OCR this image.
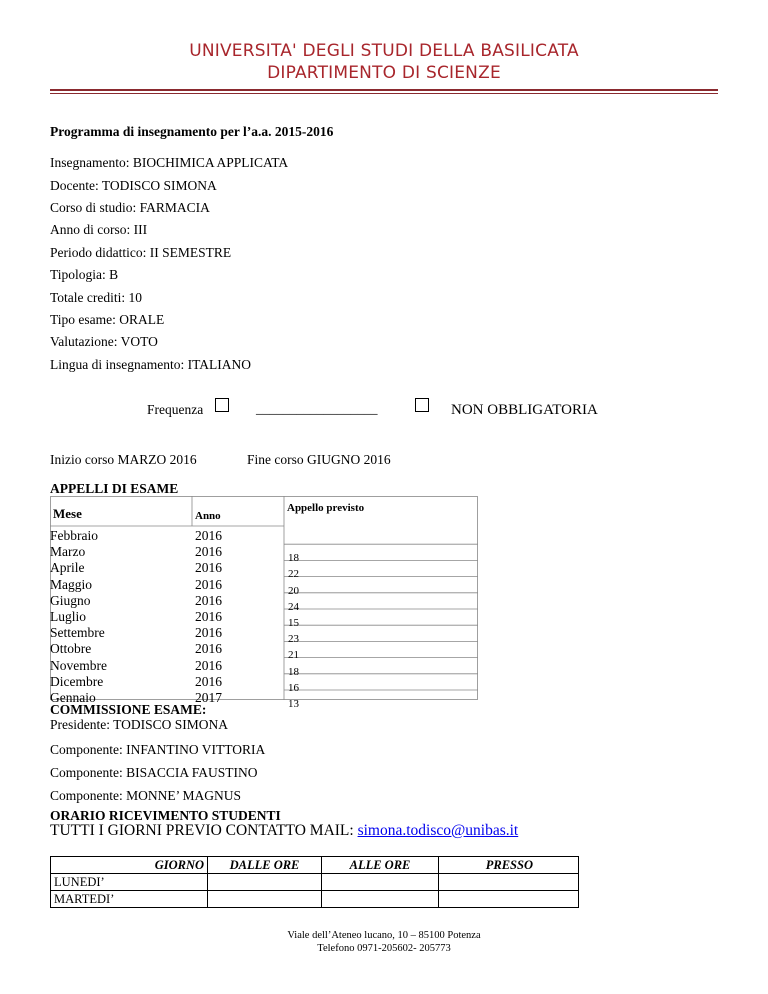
UNIVERSITA' DEGLI STUDI DELLA BASILICATA
DIPARTIMENTO DI SCIENZE
Programma di insegnamento per l’a.a. 2015-2016
Insegnamento: BIOCHIMICA APPLICATA
Docente: TODISCO SIMONA
Corso di studio: FARMACIA
Anno di corso: III
Periodo didattico: II SEMESTRE
Tipologia: B
Totale crediti: 10
Tipo esame: ORALE
Valutazione: VOTO
Lingua di insegnamento: ITALIANO
Frequenza	__________________	NON OBBLIGATORIA
Inizio corso MARZO 2016	Fine corso GIUGNO 2016
APPELLI DI ESAME
Mese	Anno
Appello previsto
Febbraio	2016
Marzo	2016	18
Aprile	2016	22
Maggio	2016	20
Giugno	2016	24
Luglio	2016	15
Settembre	2016	23
Ottobre	2016	21
Novembre	2016	18
Dicembre	2016	16
Gennaio	2017	13
COMMISSIONE ESAME:
Presidente: TODISCO SIMONA
Componente: INFANTINO VITTORIA
Componente: BISACCIA FAUSTINO
Componente: MONNE’ MAGNUS
ORARIO RICEVIMENTO STUDENTI
TUTTI I GIORNI PREVIO CONTATTO MAIL: simona.todisco@unibas.it
GIORNO	DALLE ORE	ALLE ORE	PRESSO
LUNEDI’			
MARTEDI’			
Viale dell’Ateneo lucano, 10 – 85100 Potenza
Telefono 0971-205602- 205773
